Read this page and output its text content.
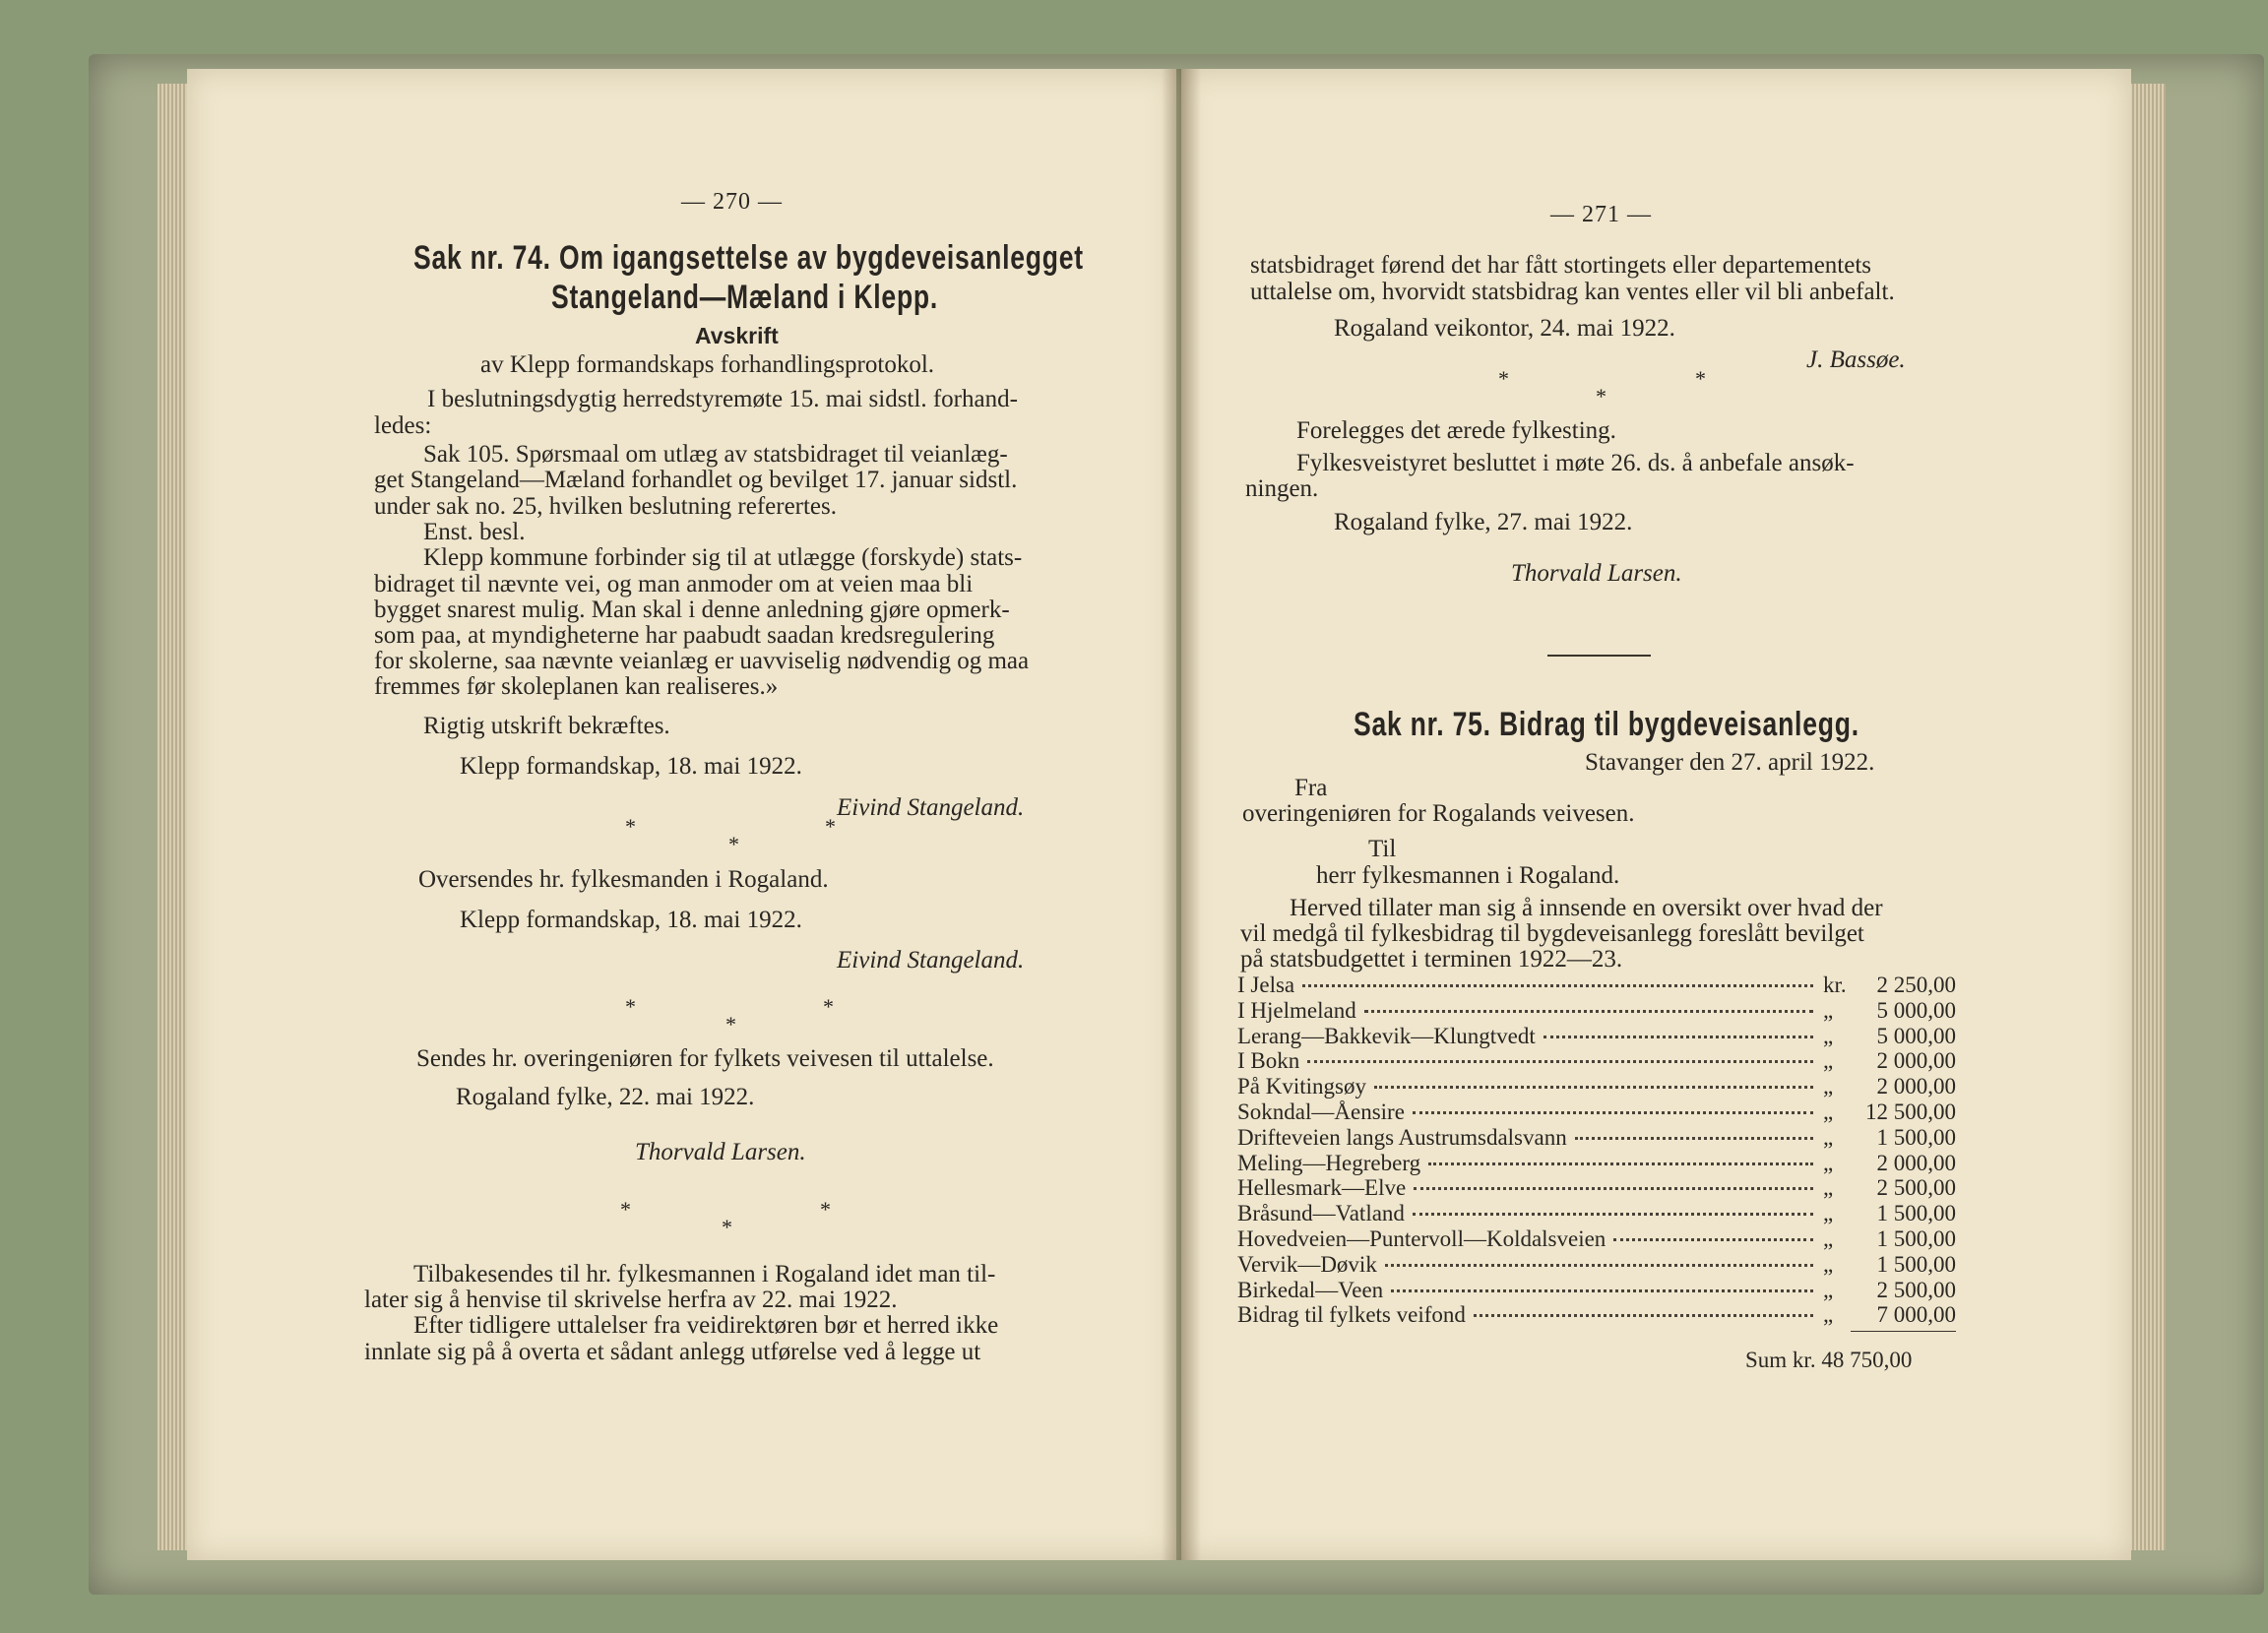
— 270 —
Sak nr. 74. Om igangsettelse av bygdeveisanlegget
Stangeland—Mæland i Klepp.
Avskrift
av Klepp formandskaps forhandlingsprotokol.
I beslutningsdygtig herredstyremøte 15. mai sidstl. forhand-
ledes:
Sak 105. Spørsmaal om utlæg av statsbidraget til veianlæg-
get Stangeland—Mæland forhandlet og bevilget 17. januar sidstl.
under sak no. 25, hvilken beslutning referertes.
Enst. besl.
Klepp kommune forbinder sig til at utlægge (forskyde) stats-
bidraget til nævnte vei, og man anmoder om at veien maa bli
bygget snarest mulig. Man skal i denne anledning gjøre opmerk-
som paa, at myndigheterne har paabudt saadan kredsregulering
for skolerne, saa nævnte veianlæg er uavviselig nødvendig og maa
fremmes før skoleplanen kan realiseres.»
Rigtig utskrift bekræftes.
Klepp formandskap, 18. mai 1922.
Eivind Stangeland.
*
*
*
Oversendes hr. fylkesmanden i Rogaland.
Klepp formandskap, 18. mai 1922.
Eivind Stangeland.
*
*
*
Sendes hr. overingeniøren for fylkets veivesen til uttalelse.
Rogaland fylke, 22. mai 1922.
Thorvald Larsen.
*
*
*
Tilbakesendes til hr. fylkesmannen i Rogaland idet man til-
later sig å henvise til skrivelse herfra av 22. mai 1922.
Efter tidligere uttalelser fra veidirektøren bør et herred ikke
innlate sig på å overta et sådant anlegg utførelse ved å legge ut
— 271 —
statsbidraget førend det har fått stortingets eller departementets
uttalelse om, hvorvidt statsbidrag kan ventes eller vil bli anbefalt.
Rogaland veikontor, 24. mai 1922.
J. Bassøe.
*
*
*
Forelegges det ærede fylkesting.
Fylkesveistyret besluttet i møte 26. ds. å anbefale ansøk-
ningen.
Rogaland fylke, 27. mai 1922.
Thorvald Larsen.
Sak nr. 75. Bidrag til bygdeveisanlegg.
Stavanger den 27. april 1922.
Fra
overingeniøren for Rogalands veivesen.
Til
herr fylkesmannen i Rogaland.
Herved tillater man sig å innsende en oversikt over hvad der
vil medgå til fylkesbidrag til bygdeveisanlegg foreslått bevilget
på statsbudgettet i terminen 1922—23.
I Jelsa	kr. 2 250,00
I Hjelmeland	„ 5 000,00
Lerang—Bakkevik—Klungtvedt	„ 5 000,00
I Bokn	„ 2 000,00
På Kvitingsøy	„ 2 000,00
Sokndal—Åensire	„ 12 500,00
Drifteveien langs Austrumsdalsvann	„ 1 500,00
Meling—Hegreberg	„ 2 000,00
Hellesmark—Elve	„ 2 500,00
Bråsund—Vatland	„ 1 500,00
Hovedveien—Puntervoll—Koldalsveien	„ 1 500,00
Vervik—Døvik	„ 1 500,00
Birkedal—Veen	„ 2 500,00
Bidrag til fylkets veifond	„ 7 000,00
Sum kr. 48 750,00
